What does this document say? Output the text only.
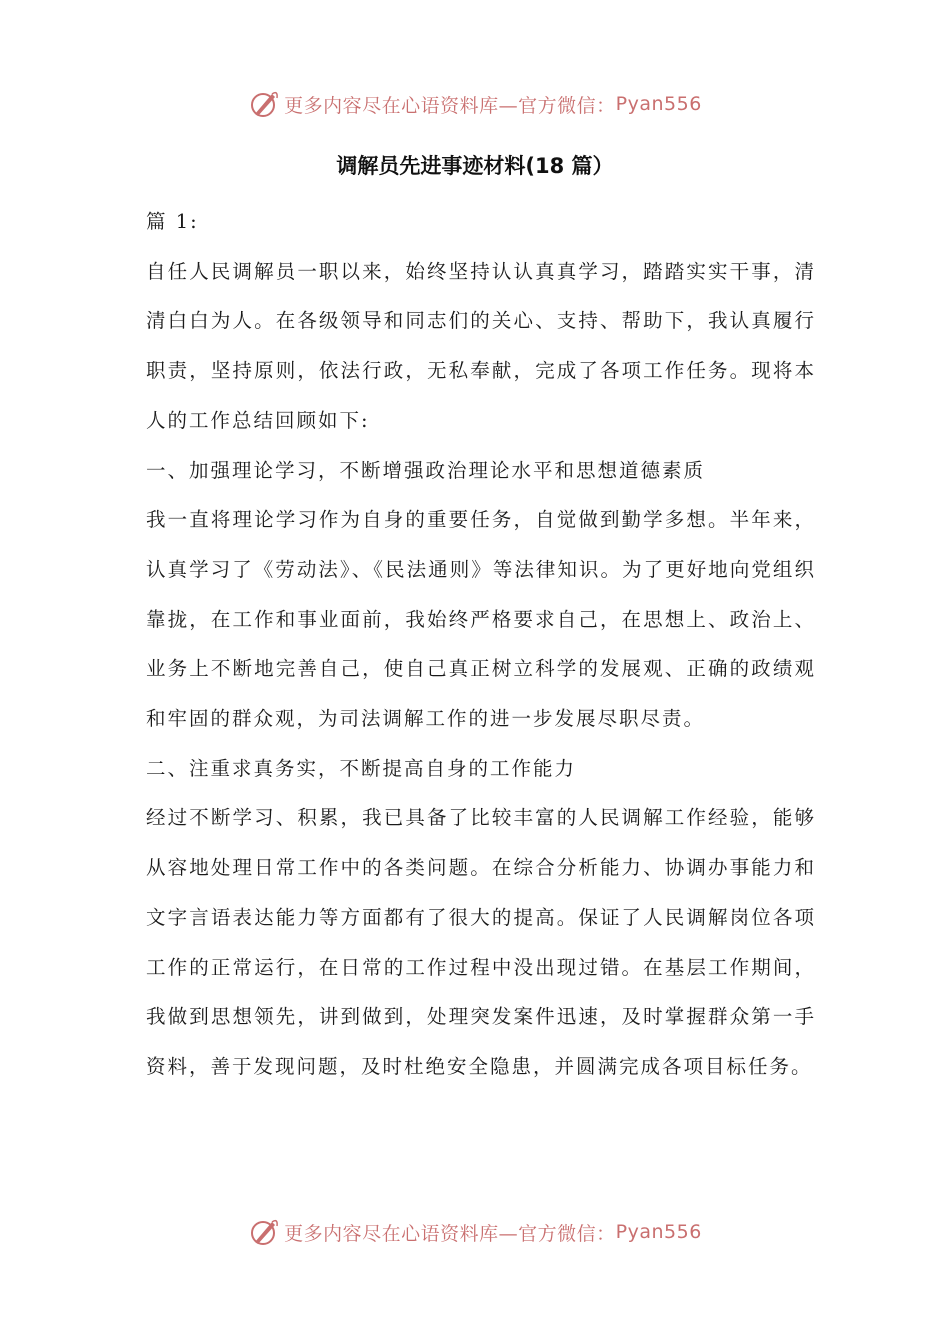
更多内容尽在心语资料库—官方微信： Pyan556
调解员先进事迹材料(18 篇）

篇 1:

自任人民调解员一职以来，始终坚持认认真真学习，踏踏实实干事，清清白白为人。在各级领导和同志们的关心、支持、帮助下，我认真履行职责，坚持原则，依法行政，无私奉献，完成了各项工作任务。现将本人的工作总结回顾如下:

一、加强理论学习，不断增强政治理论水平和思想道德素质

我一直将理论学习作为自身的重要任务，自觉做到勤学多想。半年来，认真学习了《劳动法》、《民法通则》等法律知识。为了更好地向党组织靠拢，在工作和事业面前，我始终严格要求自己，在思想上、政治上、业务上不断地完善自己，使自己真正树立科学的发展观、正确的政绩观和牢固的群众观，为司法调解工作的进一步发展尽职尽责。

二、注重求真务实，不断提高自身的工作能力

经过不断学习、积累，我已具备了比较丰富的人民调解工作经验，能够从容地处理日常工作中的各类问题。在综合分析能力、协调办事能力和文字言语表达能力等方面都有了很大的提高。保证了人民调解岗位各项工作的正常运行，在日常的工作过程中没出现过错。在基层工作期间，我做到思想领先，讲到做到，处理突发案件迅速，及时掌握群众第一手资料，善于发现问题，及时杜绝安全隐患，并圆满完成各项目标任务。

更多内容尽在心语资料库—官方微信： Pyan556
